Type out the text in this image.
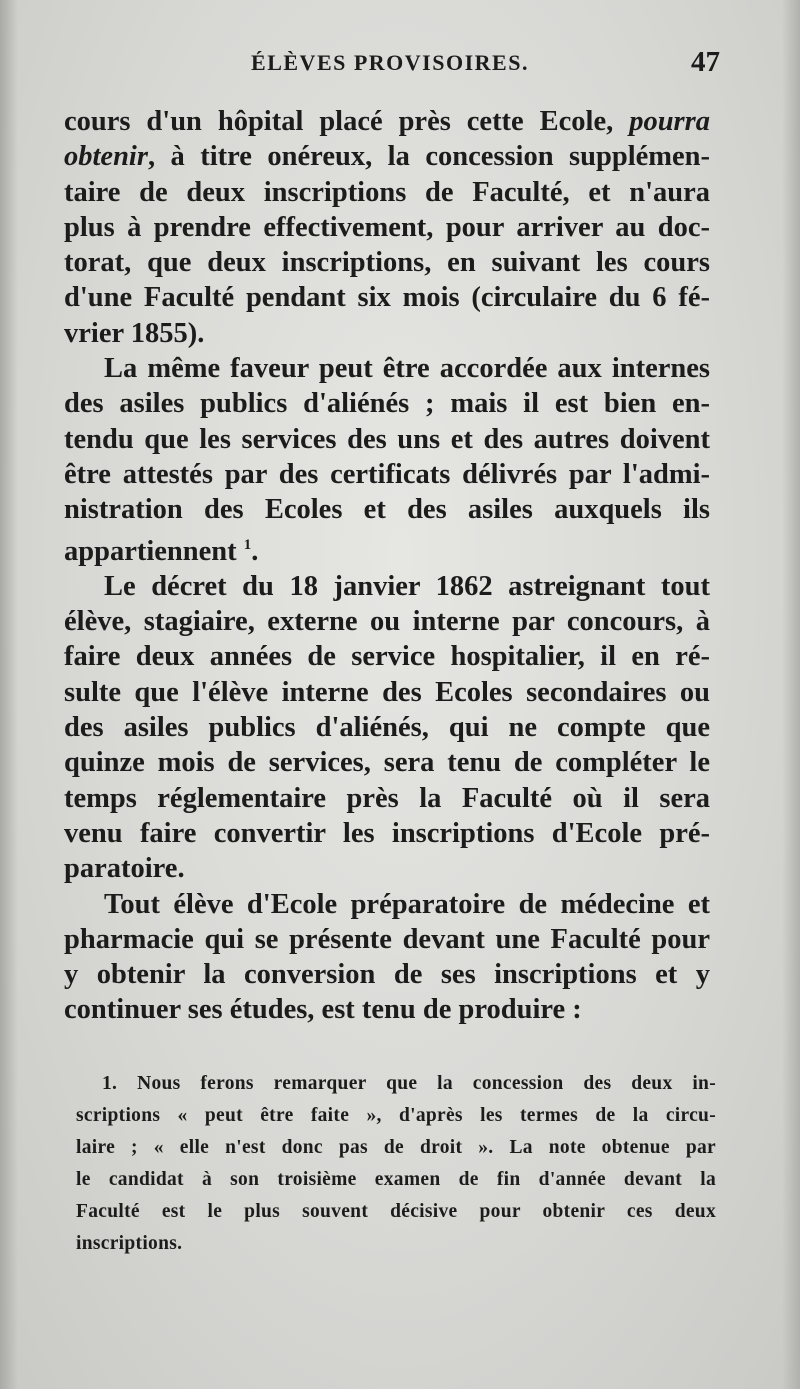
ÉLÈVES PROVISOIRES.	47

cours d'un hôpital placé près cette Ecole, pourra
obtenir, à titre onéreux, la concession supplémen-
taire de deux inscriptions de Faculté, et n'aura
plus à prendre effectivement, pour arriver au doc-
torat, que deux inscriptions, en suivant les cours
d'une Faculté pendant six mois (circulaire du 6 fé-
vrier 1855).

La même faveur peut être accordée aux internes
des asiles publics d'aliénés ; mais il est bien en-
tendu que les services des uns et des autres doivent
être attestés par des certificats délivrés par l'admi-
nistration des Ecoles et des asiles auxquels ils
appartiennent $^1$.

Le décret du 18 janvier 1862 astreignant tout
élève, stagiaire, externe ou interne par concours, à
faire deux années de service hospitalier, il en ré-
sulte que l'élève interne des Ecoles secondaires ou
des asiles publics d'aliénés, qui ne compte que
quinze mois de services, sera tenu de compléter le
temps réglementaire près la Faculté où il sera
venu faire convertir les inscriptions d'Ecole pré-
paratoire.

Tout élève d'Ecole préparatoire de médecine et
pharmacie qui se présente devant une Faculté pour
y obtenir la conversion de ses inscriptions et y
continuer ses études, est tenu de produire :

1. Nous ferons remarquer que la concession des deux in-
scriptions « peut être faite », d'après les termes de la circu-
laire ; « elle n'est donc pas de droit ». La note obtenue par
le candidat à son troisième examen de fin d'année devant la
Faculté est le plus souvent décisive pour obtenir ces deux
inscriptions.
